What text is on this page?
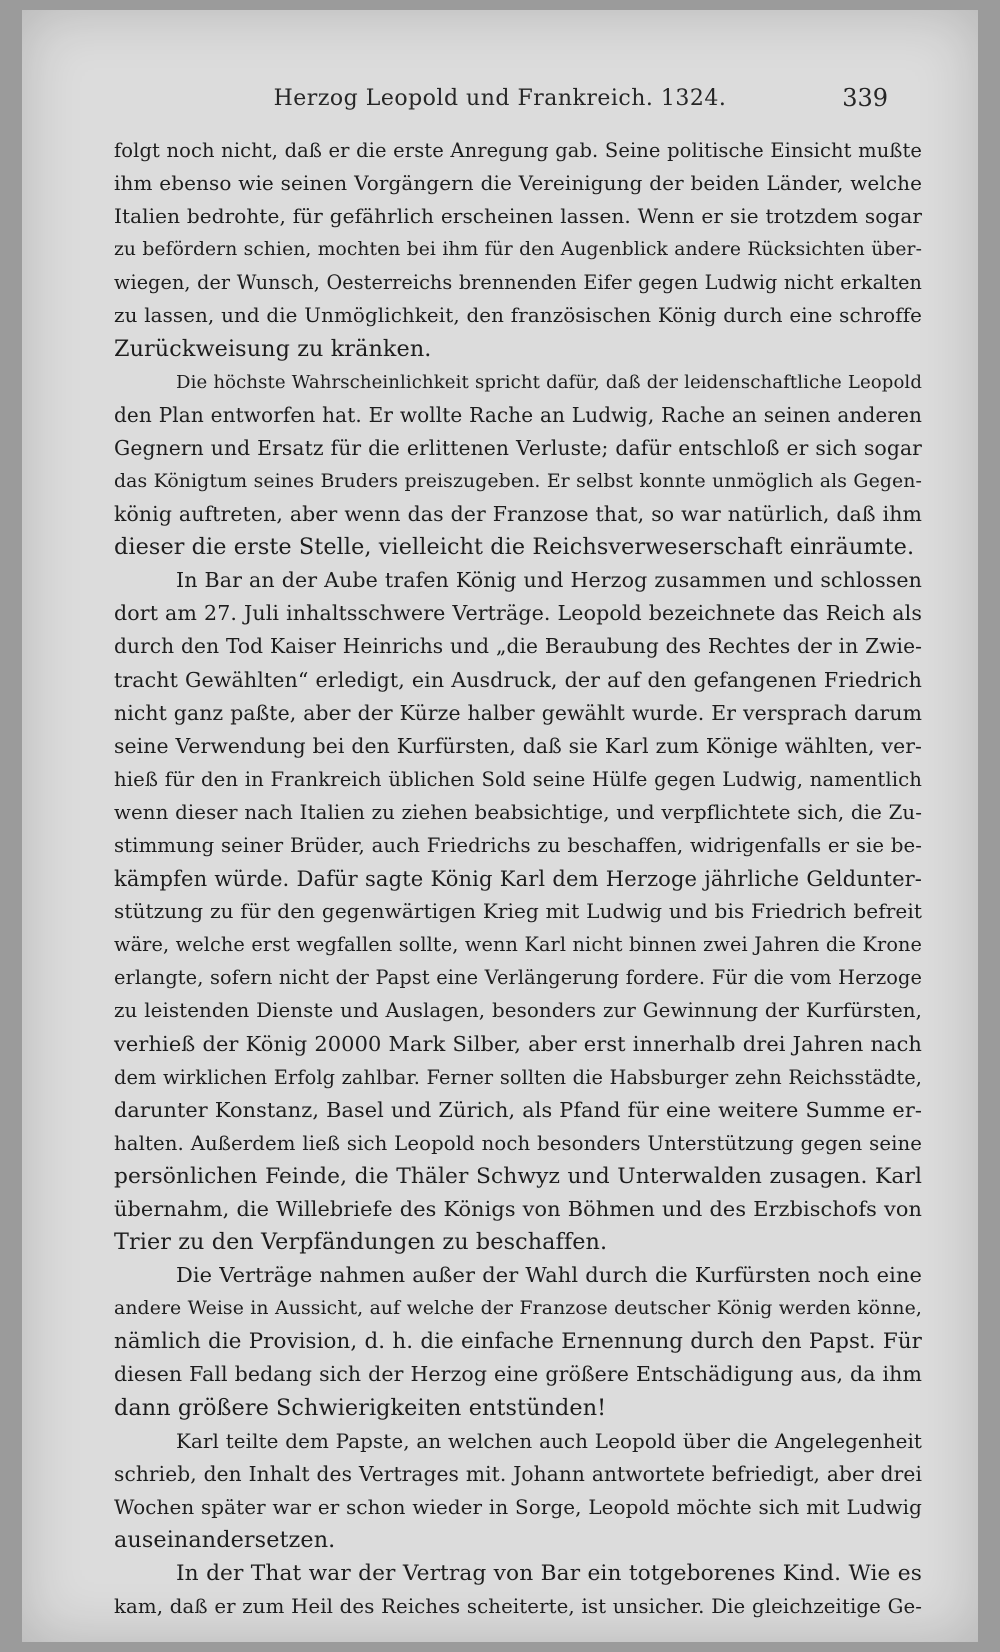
Herzog Leopold und Frankreich. 1324.	339

folgt noch nicht, daß er die erste Anregung gab. Seine politische Einsicht mußte

ihm ebenso wie seinen Vorgängern die Vereinigung der beiden Länder, welche

Italien bedrohte, für gefährlich erscheinen lassen. Wenn er sie trotzdem sogar

zu befördern schien, mochten bei ihm für den Augenblick andere Rücksichten über-

wiegen, der Wunsch, Oesterreichs brennenden Eifer gegen Ludwig nicht erkalten

zu lassen, und die Unmöglichkeit, den französischen König durch eine schroffe

Zurückweisung zu kränken.

Die höchste Wahrscheinlichkeit spricht dafür, daß der leidenschaftliche Leopold

den Plan entworfen hat. Er wollte Rache an Ludwig, Rache an seinen anderen

Gegnern und Ersatz für die erlittenen Verluste; dafür entschloß er sich sogar

das Königtum seines Bruders preiszugeben. Er selbst konnte unmöglich als Gegen-

könig auftreten, aber wenn das der Franzose that, so war natürlich, daß ihm

dieser die erste Stelle, vielleicht die Reichsverweserschaft einräumte.

In Bar an der Aube trafen König und Herzog zusammen und schlossen

dort am 27. Juli inhaltsschwere Verträge. Leopold bezeichnete das Reich als

durch den Tod Kaiser Heinrichs und „die Beraubung des Rechtes der in Zwie-

tracht Gewählten“ erledigt, ein Ausdruck, der auf den gefangenen Friedrich

nicht ganz paßte, aber der Kürze halber gewählt wurde. Er versprach darum

seine Verwendung bei den Kurfürsten, daß sie Karl zum Könige wählten, ver-

hieß für den in Frankreich üblichen Sold seine Hülfe gegen Ludwig, namentlich

wenn dieser nach Italien zu ziehen beabsichtige, und verpflichtete sich, die Zu-

stimmung seiner Brüder, auch Friedrichs zu beschaffen, widrigenfalls er sie be-

kämpfen würde. Dafür sagte König Karl dem Herzoge jährliche Geldunter-

stützung zu für den gegenwärtigen Krieg mit Ludwig und bis Friedrich befreit

wäre, welche erst wegfallen sollte, wenn Karl nicht binnen zwei Jahren die Krone

erlangte, sofern nicht der Papst eine Verlängerung fordere. Für die vom Herzoge

zu leistenden Dienste und Auslagen, besonders zur Gewinnung der Kurfürsten,

verhieß der König 20000 Mark Silber, aber erst innerhalb drei Jahren nach

dem wirklichen Erfolg zahlbar. Ferner sollten die Habsburger zehn Reichsstädte,

darunter Konstanz, Basel und Zürich, als Pfand für eine weitere Summe er-

halten. Außerdem ließ sich Leopold noch besonders Unterstützung gegen seine

persönlichen Feinde, die Thäler Schwyz und Unterwalden zusagen. Karl

übernahm, die Willebriefe des Königs von Böhmen und des Erzbischofs von

Trier zu den Verpfändungen zu beschaffen.

Die Verträge nahmen außer der Wahl durch die Kurfürsten noch eine

andere Weise in Aussicht, auf welche der Franzose deutscher König werden könne,

nämlich die Provision, d. h. die einfache Ernennung durch den Papst. Für

diesen Fall bedang sich der Herzog eine größere Entschädigung aus, da ihm

dann größere Schwierigkeiten entstünden!

Karl teilte dem Papste, an welchen auch Leopold über die Angelegenheit

schrieb, den Inhalt des Vertrages mit. Johann antwortete befriedigt, aber drei

Wochen später war er schon wieder in Sorge, Leopold möchte sich mit Ludwig

auseinandersetzen.

In der That war der Vertrag von Bar ein totgeborenes Kind. Wie es

kam, daß er zum Heil des Reiches scheiterte, ist unsicher. Die gleichzeitige Ge-
